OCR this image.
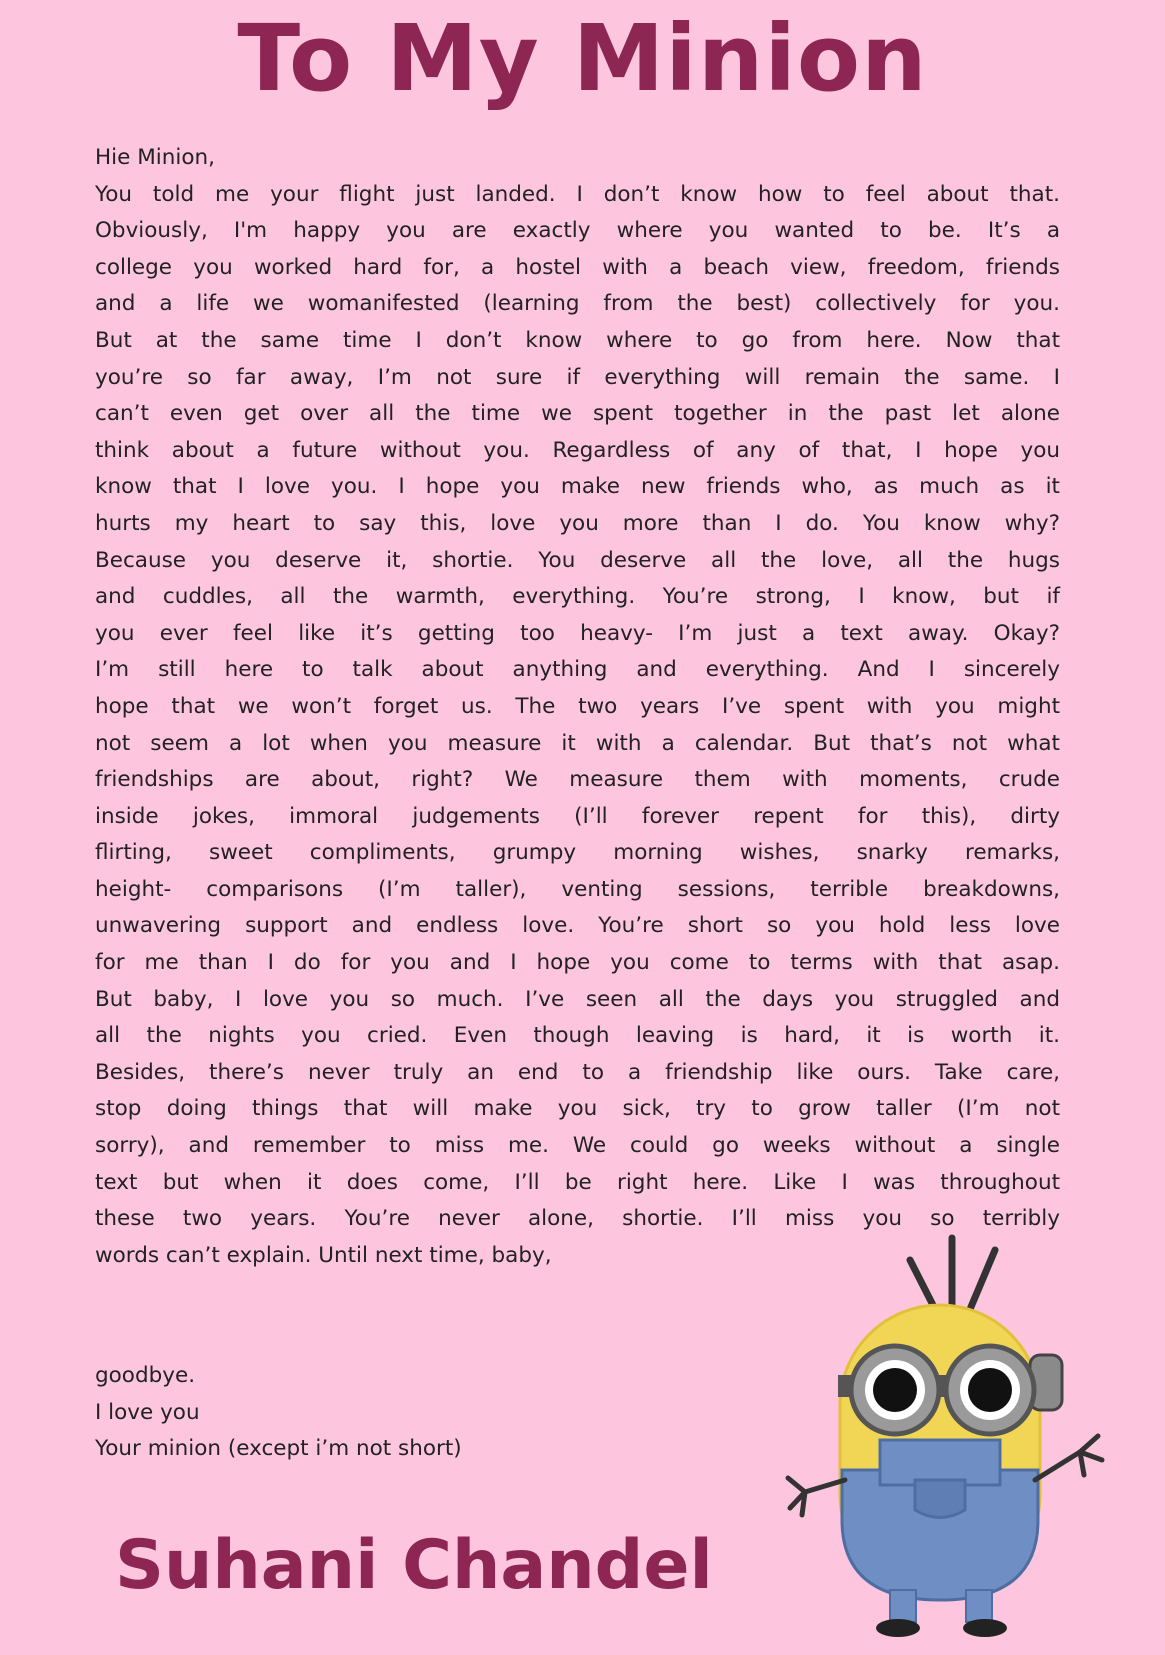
To My Minion
Hie Minion,
You told me your flight just landed. I don’t know how to feel about that.
Obviously, I'm happy you are exactly where you wanted to be. It’s a
college you worked hard for, a hostel with a beach view, freedom, friends
and a life we womanifested (learning from the best) collectively for you.
But at the same time I don’t know where to go from here. Now that
you’re so far away, I’m not sure if everything will remain the same. I
can’t even get over all the time we spent together in the past let alone
think about a future without you. Regardless of any of that, I hope you
know that I love you. I hope you make new friends who, as much as it
hurts my heart to say this, love you more than I do. You know why?
Because you deserve it, shortie. You deserve all the love, all the hugs
and cuddles, all the warmth, everything. You’re strong, I know, but if
you ever feel like it’s getting too heavy- I’m just a text away. Okay?
I’m still here to talk about anything and everything. And I sincerely
hope that we won’t forget us. The two years I’ve spent with you might
not seem a lot when you measure it with a calendar. But that’s not what
friendships are about, right? We measure them with moments, crude
inside jokes, immoral judgements (I’ll forever repent for this), dirty
flirting, sweet compliments, grumpy morning wishes, snarky remarks,
height- comparisons (I’m taller), venting sessions, terrible breakdowns,
unwavering support and endless love. You’re short so you hold less love
for me than I do for you and I hope you come to terms with that asap.
But baby, I love you so much. I’ve seen all the days you struggled and
all the nights you cried. Even though leaving is hard, it is worth it.
Besides, there’s never truly an end to a friendship like ours. Take care,
stop doing things that will make you sick, try to grow taller (I’m not
sorry), and remember to miss me. We could go weeks without a single
text but when it does come, I’ll be right here. Like I was throughout
these two years. You’re never alone, shortie. I’ll miss you so terribly
words can’t explain. Until next time, baby,
goodbye.
I love you
Your minion (except i’m not short)
Suhani Chandel
